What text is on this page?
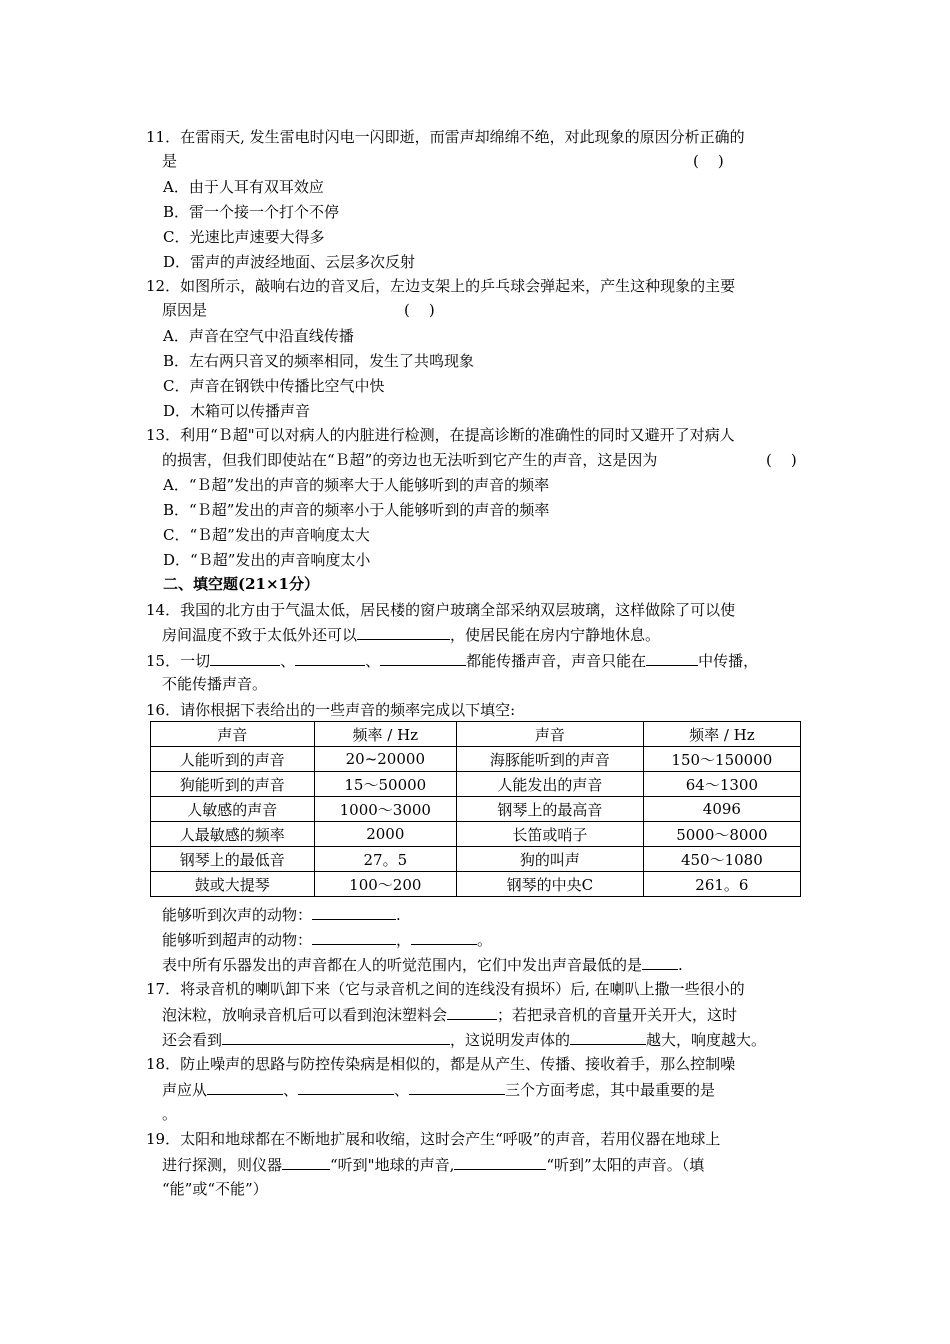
11．在雷雨天, 发生雷电时闪电一闪即逝，而雷声却绵绵不绝，对此现象的原因分析正确的
是	(    )
A．由于人耳有双耳效应
B．雷一个接一个打个不停
C．光速比声速要大得多
D．雷声的声波经地面、云层多次反射
12．如图所示，敲响右边的音叉后，左边支架上的乒乓球会弹起来，产生这种现象的主要
原因是	(    )
A．声音在空气中沿直线传播
B．左右两只音叉的频率相同，发生了共鸣现象
C．声音在钢铁中传播比空气中快
D．木箱可以传播声音
13．利用“Ｂ超"可以对病人的内脏进行检测，在提高诊断的准确性的同时又避开了对病人
的损害，但我们即使站在“Ｂ超”的旁边也无法听到它产生的声音，这是因为	(    )
A．“Ｂ超”发出的声音的频率大于人能够听到的声音的频率
B．“Ｂ超”发出的声音的频率小于人能够听到的声音的频率
C．“Ｂ超”发出的声音响度太大
D．“Ｂ超”发出的声音响度太小
二、填空题(21×1分）
14．我国的北方由于气温太低，居民楼的窗户玻璃全部采纳双层玻璃，这样做除了可以使
房间温度不致于太低外还可以	，使居民能在房内宁静地休息。
15．一切	、	、	都能传播声音，声音只能在	中传播，
不能传播声音。
16．请你根据下表给出的一些声音的频率完成以下填空:
声音	频率 / Hz	声音	频率 / Hz
人能听到的声音	20~20000	海豚能听到的声音	150～150000
狗能听到的声音	15～50000	人能发出的声音	64～1300
人敏感的声音	1000～3000	钢琴上的最高音	4096
人最敏感的频率	2000	长笛或哨子	5000～8000
钢琴上的最低音	27。5	狗的叫声	450～1080
鼓或大提琴	100～200	钢琴的中央C	261。6
能够听到次声的动物：	.
能够听到超声的动物：	，	。
表中所有乐器发出的声音都在人的听觉范围内，它们中发出声音最低的是 .
17．将录音机的喇叭卸下来（它与录音机之间的连线没有损坏）后, 在喇叭上撒一些很小的
泡沫粒，放响录音机后可以看到泡沫塑料会	；若把录音机的音量开关开大，这时
还会看到	，这说明发声体的	越大，响度越大。
18．防止噪声的思路与防控传染病是相似的，都是从产生、传播、接收着手，那么控制噪
声应从	、	、	三个方面考虑，其中最重要的是
。
19．太阳和地球都在不断地扩展和收缩，这时会产生“呼吸”的声音，若用仪器在地球上
进行探测，则仪器	“听到"地球的声音,	“听到”太阳的声音。（填
“能”或“不能”）
